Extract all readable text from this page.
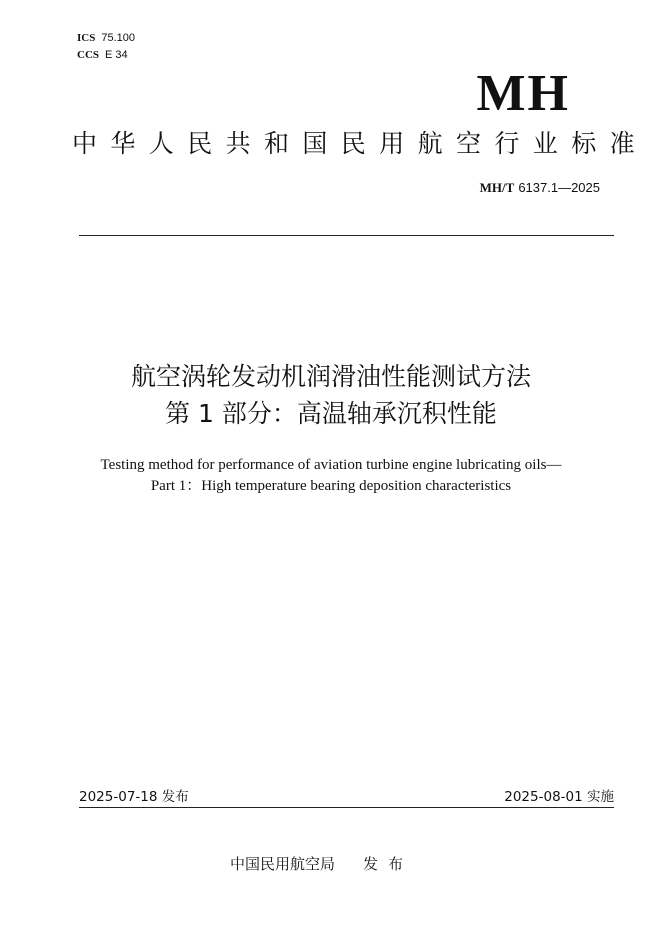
ICS 75.100
CCS E 34
MH
中华人民共和国民用航空行业标准
MH/T 6137.1—2025
航空涡轮发动机润滑油性能测试方法
第 1 部分：高温轴承沉积性能
Testing method for performance of aviation turbine engine lubricating oils—
Part 1：High temperature bearing deposition characteristics
2025-07-18 发布	2025-08-01 实施
中国民用航空局 发布
